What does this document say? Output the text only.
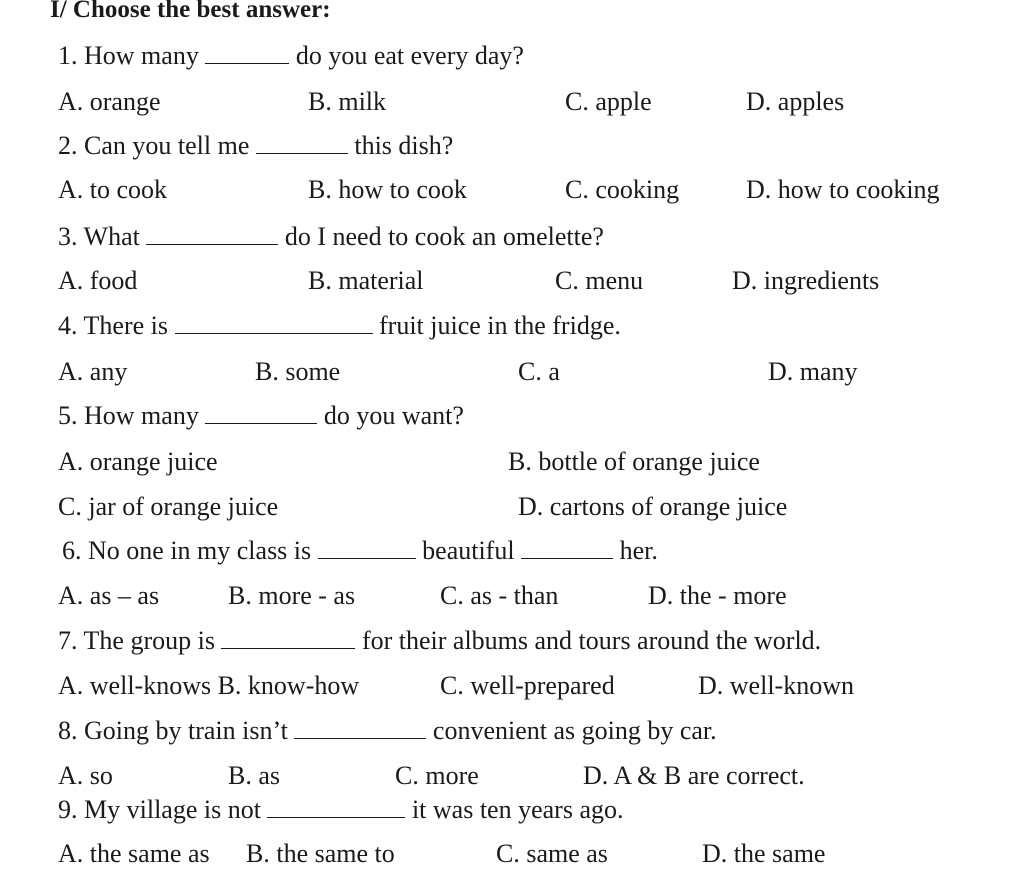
I/ Choose the best answer:
1. How many	do you eat every day?
A. orange	B. milk	C. apple	D. apples
2. Can you tell me	this dish?
A. to cook	B. how to cook	C. cooking	D. how to cooking
3. What	do I need to cook an omelette?
A. food	B. material	C. menu	D. ingredients
4. There is	fruit juice in the fridge.
A. any	B. some	C. a	D. many
5. How many	do you want?
A. orange juice	B. bottle of orange juice
C. jar of orange juice	D. cartons of orange juice
6. No one in my class is	beautiful	her.
A. as – as	B. more - as	C. as - than	D. the - more
7. The group is	for their albums and tours around the world.
A. well-knows B. know-how	C. well-prepared	D. well-known
8. Going by train isn’t	convenient as going by car.
A. so	B. as	C. more	D. A & B are correct.
9. My village is not	it was ten years ago.
A. the same as B. the same to	C. same as	D. the same
